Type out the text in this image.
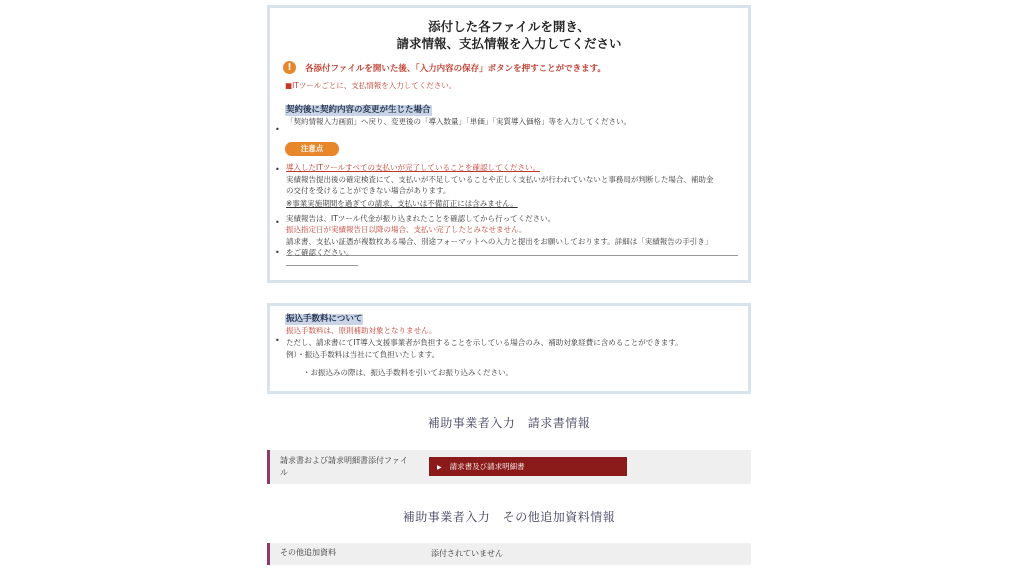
添付した各ファイルを開き、
請求情報、支払情報を入力してください
!	各添付ファイルを開いた後、「入力内容の保存」ボタンを押すことができます。
■ITツールごとに、支払情報を入力してください。
契約後に契約内容の変更が生じた場合
「契約情報入力画面」へ戻り、変更後の「導入数量」「単価」「実質導入価格」等を入力してください。
•
注意点
• 導入したITツールすべての支払いが完了していることを確認してください。
実績報告提出後の確定検査にて、支払いが不足していることや正しく支払いが行われていないと事務局が判断した場合、補助金
の交付を受けることができない場合があります。
※事業実施期間を過ぎての請求、支払いは不備訂正には含みません。
• 実績報告は、ITツール代金が振り込まれたことを確認してから行ってください。
振込指定日が実績報告日以降の場合、支払い完了したとみなせません。
請求書、支払い証憑が複数枚ある場合、別途フォーマットへの入力と提出をお願いしております。詳細は「実績報告の手引き」
• をご確認ください。
振込手数料について
振込手数料は、原則補助対象となりません。
• ただし、請求書にてIT導入支援事業者が負担することを示している場合のみ、補助対象経費に含めることができます。
例）・振込手数料は当社にて負担いたします。
・お振込みの際は、振込手数料を引いてお振り込みください。
補助事業者入力　請求書情報
請求書および請求明細書添付ファイル
▶ 請求書及び請求明細書
補助事業者入力　その他追加資料情報
その他追加資料	添付されていません
